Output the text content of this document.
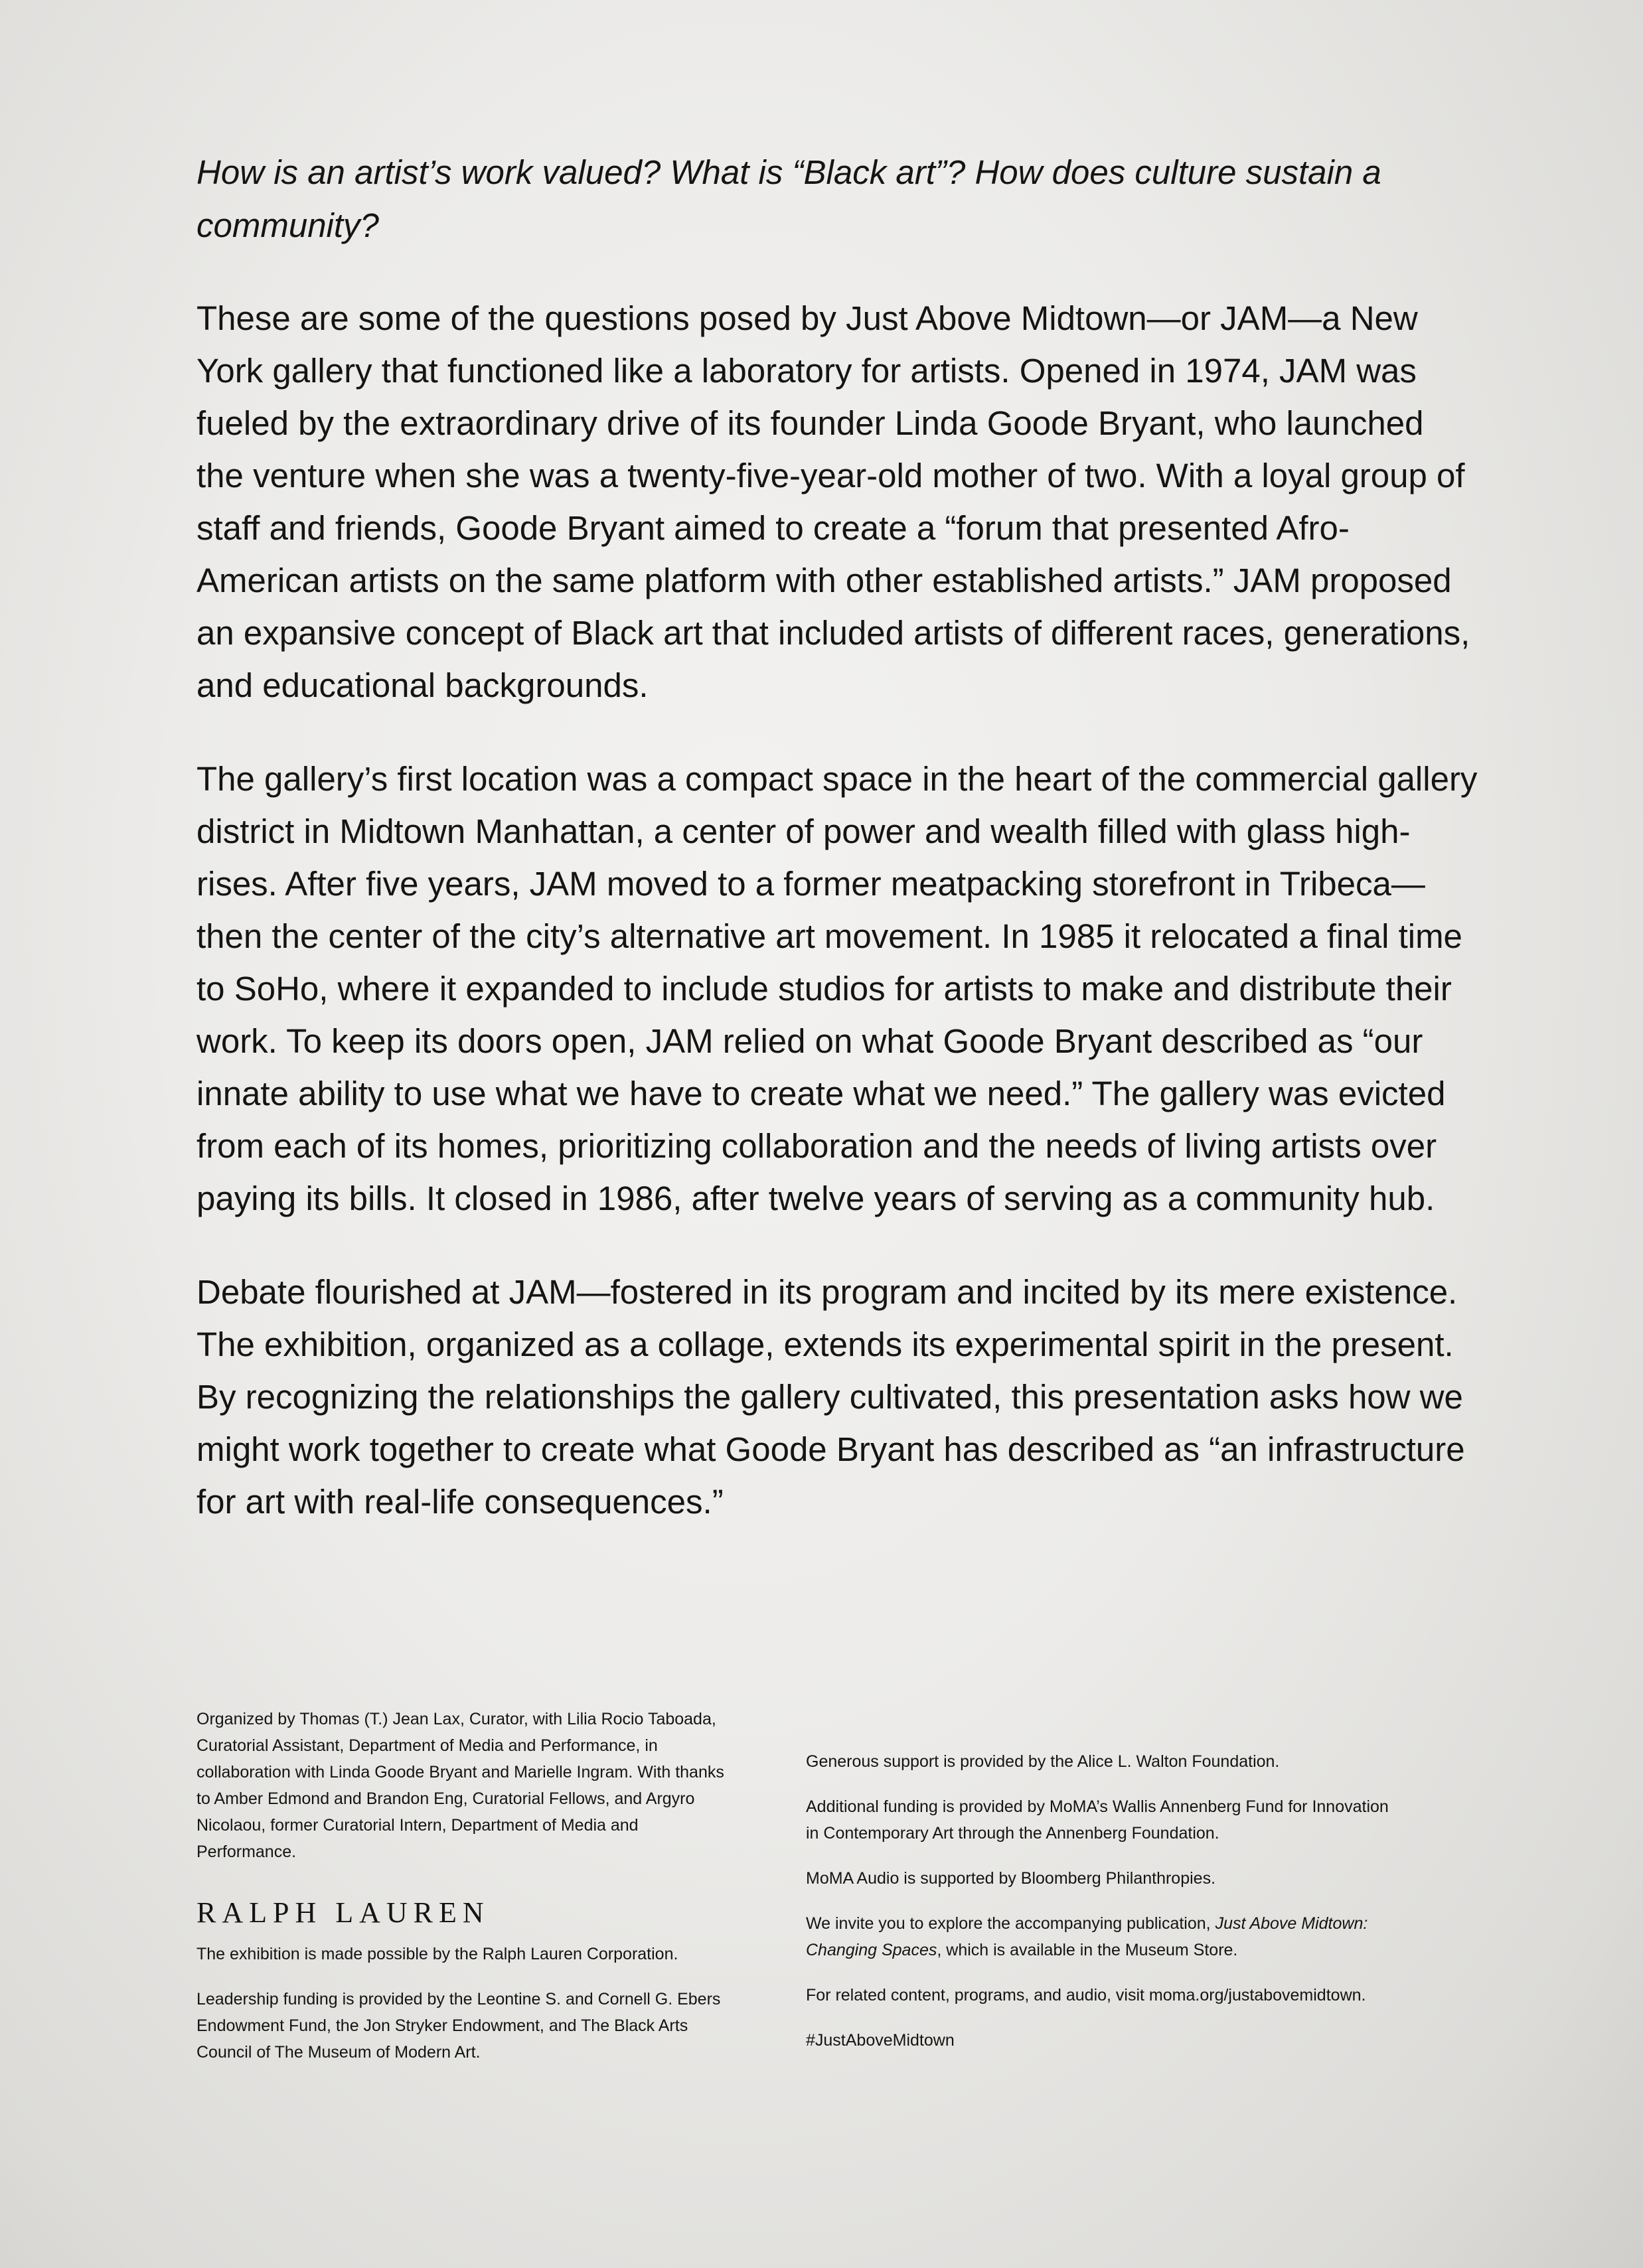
How is an artist’s work valued? What is “Black art”? How does culture sustain a community?

These are some of the questions posed by Just Above Midtown—or JAM—a New York gallery that functioned like a laboratory for artists. Opened in 1974, JAM was fueled by the extraordinary drive of its founder Linda Goode Bryant, who launched the venture when she was a twenty-five-year-old mother of two. With a loyal group of staff and friends, Goode Bryant aimed to create a “forum that presented Afro-American artists on the same platform with other established artists.” JAM proposed an expansive concept of Black art that included artists of different races, generations, and educational backgrounds.

The gallery’s first location was a compact space in the heart of the commercial gallery district in Midtown Manhattan, a center of power and wealth filled with glass high-rises. After five years, JAM moved to a former meatpacking storefront in Tribeca—then the center of the city’s alternative art movement. In 1985 it relocated a final time to SoHo, where it expanded to include studios for artists to make and distribute their work. To keep its doors open, JAM relied on what Goode Bryant described as “our innate ability to use what we have to create what we need.” The gallery was evicted from each of its homes, prioritizing collaboration and the needs of living artists over paying its bills. It closed in 1986, after twelve years of serving as a community hub.

Debate flourished at JAM—fostered in its program and incited by its mere existence. The exhibition, organized as a collage, extends its experimental spirit in the present. By recognizing the relationships the gallery cultivated, this presentation asks how we might work together to create what Goode Bryant has described as “an infrastructure for art with real-life consequences.”

Organized by Thomas (T.) Jean Lax, Curator, with Lilia Rocio Taboada, Curatorial Assistant, Department of Media and Performance, in collaboration with Linda Goode Bryant and Marielle Ingram. With thanks to Amber Edmond and Brandon Eng, Curatorial Fellows, and Argyro Nicolaou, former Curatorial Intern, Department of Media and Performance.

RALPH LAUREN

The exhibition is made possible by the Ralph Lauren Corporation.

Leadership funding is provided by the Leontine S. and Cornell G. Ebers Endowment Fund, the Jon Stryker Endowment, and The Black Arts Council of The Museum of Modern Art.

Generous support is provided by the Alice L. Walton Foundation.

Additional funding is provided by MoMA’s Wallis Annenberg Fund for Innovation in Contemporary Art through the Annenberg Foundation.

MoMA Audio is supported by Bloomberg Philanthropies.

We invite you to explore the accompanying publication, Just Above Midtown: Changing Spaces, which is available in the Museum Store.

For related content, programs, and audio, visit moma.org/justabovemidtown.

#JustAboveMidtown
